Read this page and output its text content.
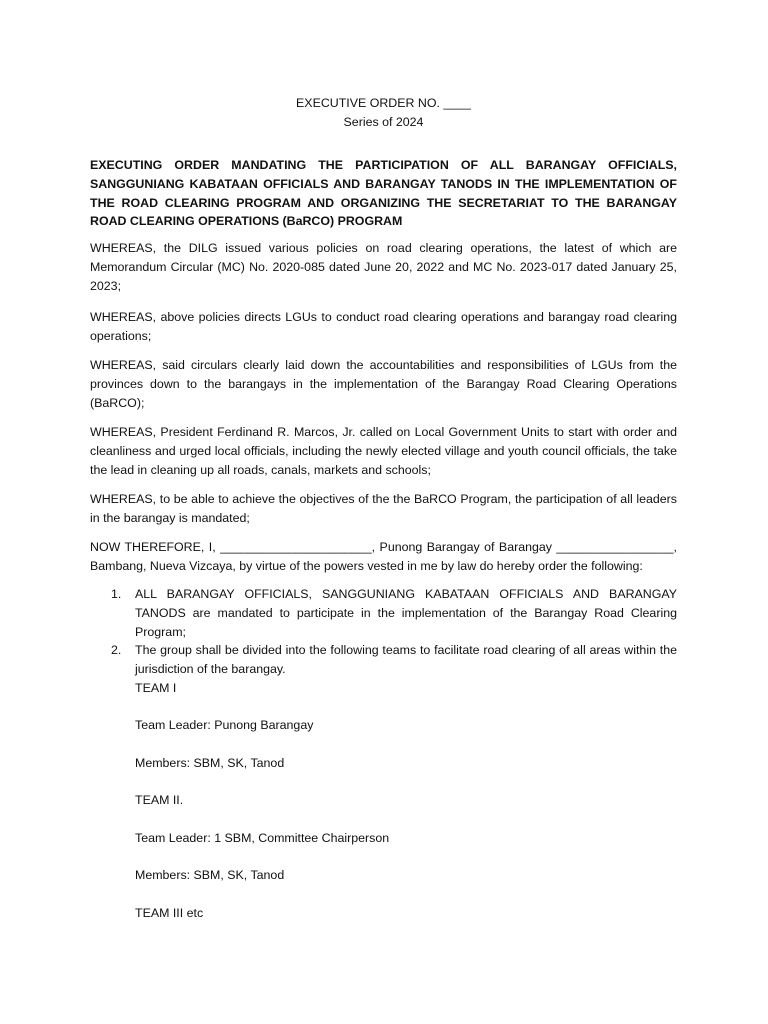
EXECUTIVE ORDER NO. ____

Series of 2024

EXECUTING ORDER MANDATING THE PARTICIPATION OF ALL BARANGAY OFFICIALS, SANGGUNIANG KABATAAN OFFICIALS AND BARANGAY TANODS IN THE IMPLEMENTATION OF THE ROAD CLEARING PROGRAM AND ORGANIZING THE SECRETARIAT TO THE BARANGAY ROAD CLEARING OPERATIONS (BaRCO) PROGRAM

WHEREAS, the DILG issued various policies on road clearing operations, the latest of which are Memorandum Circular (MC) No. 2020-085 dated June 20, 2022 and MC No. 2023-017 dated January 25, 2023;

WHEREAS, above policies directs LGUs to conduct road clearing operations and barangay road clearing operations;

WHEREAS, said circulars clearly laid down the accountabilities and responsibilities of LGUs from the provinces down to the barangays in the implementation of the Barangay Road Clearing Operations (BaRCO);

WHEREAS, President Ferdinand R. Marcos, Jr. called on Local Government Units to start with order and cleanliness and urged local officials, including the newly elected village and youth council officials, the take the lead in cleaning up all roads, canals, markets and schools;

WHEREAS, to be able to achieve the objectives of the the BaRCO Program, the participation of all leaders in the barangay is mandated;

NOW THEREFORE, I, ______________________, Punong Barangay of Barangay _________________, Bambang, Nueva Vizcaya, by virtue of the powers vested in me by law do hereby order the following:

1. ALL BARANGAY OFFICIALS, SANGGUNIANG KABATAAN OFFICIALS AND BARANGAY TANODS are mandated to participate in the implementation of the Barangay Road Clearing Program;
2. The group shall be divided into the following teams to facilitate road clearing of all areas within the jurisdiction of the barangay.

TEAM I

Team Leader: Punong Barangay

Members: SBM, SK, Tanod

TEAM II.

Team Leader: 1 SBM, Committee Chairperson

Members: SBM, SK, Tanod

TEAM III etc
